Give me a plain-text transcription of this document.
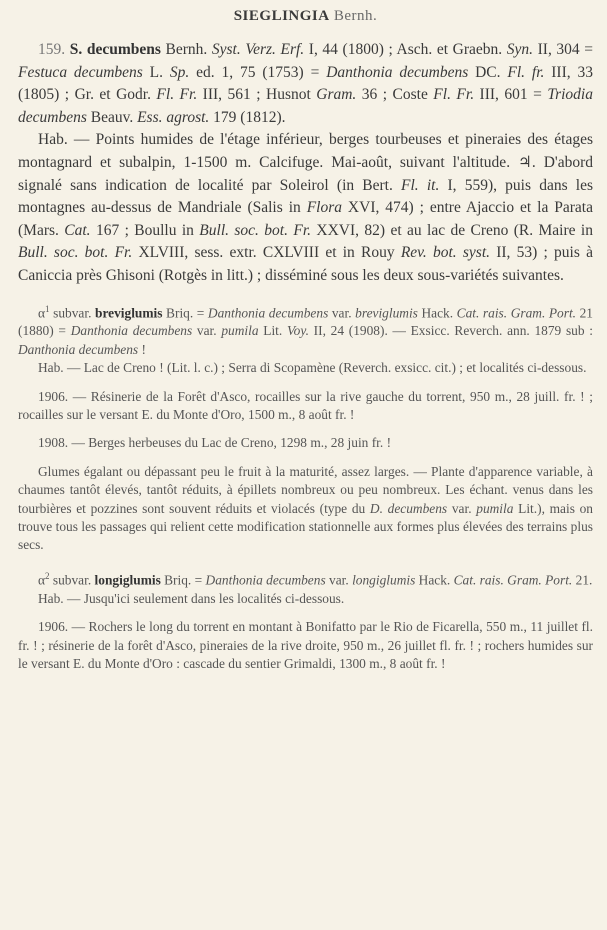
SIEGLINGIA Bernh.

159. S. decumbens Bernh. Syst. Verz. Erf. I, 44 (1800) ; Asch. et Graebn. Syn. II, 304 = Festuca decumbens L. Sp. ed. 1, 75 (1753) = Danthonia decumbens DC. Fl. fr. III, 33 (1805) ; Gr. et Godr. Fl. Fr. III, 561 ; Husnot Gram. 36 ; Coste Fl. Fr. III, 601 = Triodia decumbens Beauv. Ess. agrost. 179 (1812).

Hab. — Points humides de l'étage inférieur, berges tourbeuses et pineraies des étages montagnard et subalpin, 1-1500 m. Calcifuge. Mai-août, suivant l'altitude. ♃. D'abord signalé sans indication de localité par Soleirol (in Bert. Fl. it. I, 559), puis dans les montagnes au-dessus de Mandriale (Salis in Flora XVI, 474) ; entre Ajaccio et la Parata (Mars. Cat. 167 ; Boullu in Bull. soc. bot. Fr. XXVI, 82) et au lac de Creno (R. Maire in Bull. soc. bot. Fr. XLVIII, sess. extr. CXLVIII et in Rouy Rev. bot. syst. II, 53) ; puis à Caniccia près Ghisoni (Rotgès in litt.) ; disséminé sous les deux sous-variétés suivantes.

$\alpha^1$ subvar. breviglumis Briq. = Danthonia decumbens var. breviglumis Hack. Cat. rais. Gram. Port. 21 (1880) = Danthonia decumbens var. pumila Lit. Voy. II, 24 (1908). — Exsicc. Reverch. ann. 1879 sub : Danthonia decumbens !

Hab. — Lac de Creno ! (Lit. l. c.) ; Serra di Scopamène (Reverch. exsicc. cit.) ; et localités ci-dessous.

1906. — Résinerie de la Forêt d'Asco, rocailles sur la rive gauche du torrent, 950 m., 28 juill. fr. ! ; rocailles sur le versant E. du Monte d'Oro, 1500 m., 8 août fr. !

1908. — Berges herbeuses du Lac de Creno, 1298 m., 28 juin fr. !

Glumes égalant ou dépassant peu le fruit à la maturité, assez larges. — Plante d'apparence variable, à chaumes tantôt élevés, tantôt réduits, à épillets nombreux ou peu nombreux. Les échant. venus dans les tourbières et pozzines sont souvent réduits et violacés (type du D. decumbens var. pumila Lit.), mais on trouve tous les passages qui relient cette modification stationnelle aux formes plus élevées des terrains plus secs.

$\alpha^2$ subvar. longiglumis Briq. = Danthonia decumbens var. longiglumis Hack. Cat. rais. Gram. Port. 21.

Hab. — Jusqu'ici seulement dans les localités ci-dessous.

1906. — Rochers le long du torrent en montant à Bonifatto par le Rio de Ficarella, 550 m., 11 juillet fl. fr. ! ; résinerie de la forêt d'Asco, pineraies de la rive droite, 950 m., 26 juillet fl. fr. ! ; rochers humides sur le versant E. du Monte d'Oro : cascade du sentier Grimaldi, 1300 m., 8 août fr. !
